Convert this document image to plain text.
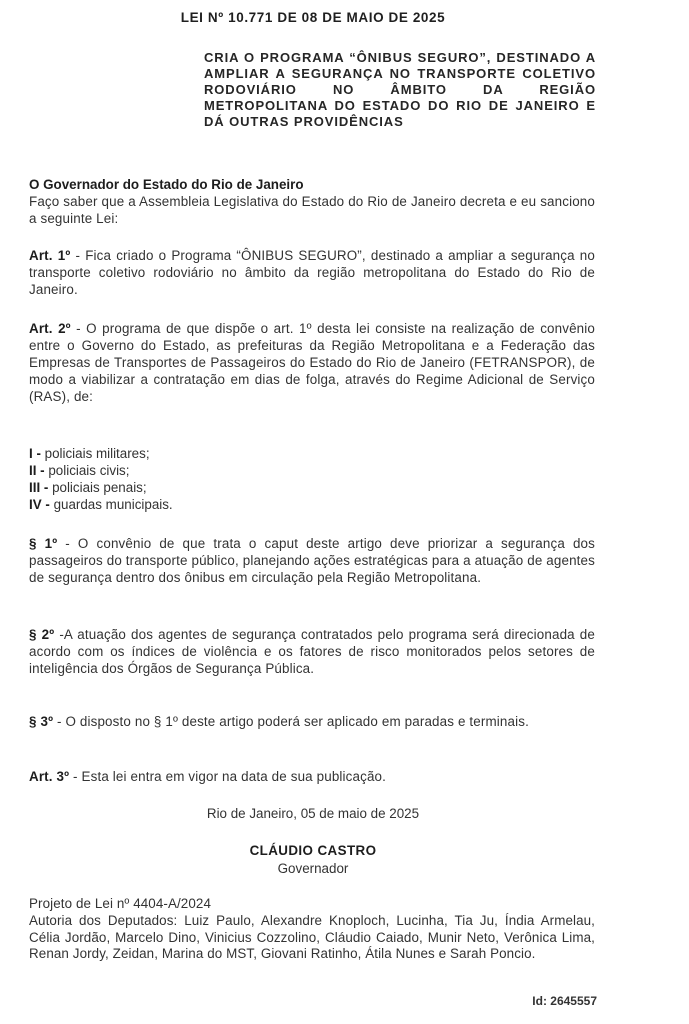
LEI Nº 10.771 DE 08 DE MAIO DE 2025
CRIA O PROGRAMA “ÔNIBUS SEGURO”, DESTINADO A AMPLIAR A SEGURANÇA NO TRANSPORTE COLETIVO RODOVIÁRIO NO ÂMBITO DA REGIÃO METROPOLITANA DO ESTADO DO RIO DE JANEIRO E DÁ OUTRAS PROVIDÊNCIAS
O Governador do Estado do Rio de Janeiro
Faço saber que a Assembleia Legislativa do Estado do Rio de Janeiro decreta e eu sanciono a seguinte Lei:
Art. 1º - Fica criado o Programa “ÔNIBUS SEGURO”, destinado a ampliar a segurança no transporte coletivo rodoviário no âmbito da região metropolitana do Estado do Rio de Janeiro.
Art. 2º - O programa de que dispõe o art. 1º desta lei consiste na realização de convênio entre o Governo do Estado, as prefeituras da Região Metropolitana e a Federação das Empresas de Transportes de Passageiros do Estado do Rio de Janeiro (FETRANSPOR), de modo a viabilizar a contratação em dias de folga, através do Regime Adicional de Serviço (RAS), de:
I - policiais militares;
II - policiais civis;
III - policiais penais;
IV - guardas municipais.
§ 1º - O convênio de que trata o caput deste artigo deve priorizar a segurança dos passageiros do transporte público, planejando ações estratégicas para a atuação de agentes de segurança dentro dos ônibus em circulação pela Região Metropolitana.
§ 2º -A atuação dos agentes de segurança contratados pelo programa será direcionada de acordo com os índices de violência e os fatores de risco monitorados pelos setores de inteligência dos Órgãos de Segurança Pública.
§ 3º - O disposto no § 1º deste artigo poderá ser aplicado em paradas e terminais.
Art. 3º - Esta lei entra em vigor na data de sua publicação.
Rio de Janeiro, 05 de maio de 2025
CLÁUDIO CASTRO
Governador
Projeto de Lei nº 4404-A/2024
Autoria dos Deputados: Luiz Paulo, Alexandre Knoploch, Lucinha, Tia Ju, Índia Armelau, Célia Jordão, Marcelo Dino, Vinicius Cozzolino, Cláudio Caiado, Munir Neto, Verônica Lima, Renan Jordy, Zeidan, Marina do MST, Giovani Ratinho, Átila Nunes e Sarah Poncio.
Id: 2645557
